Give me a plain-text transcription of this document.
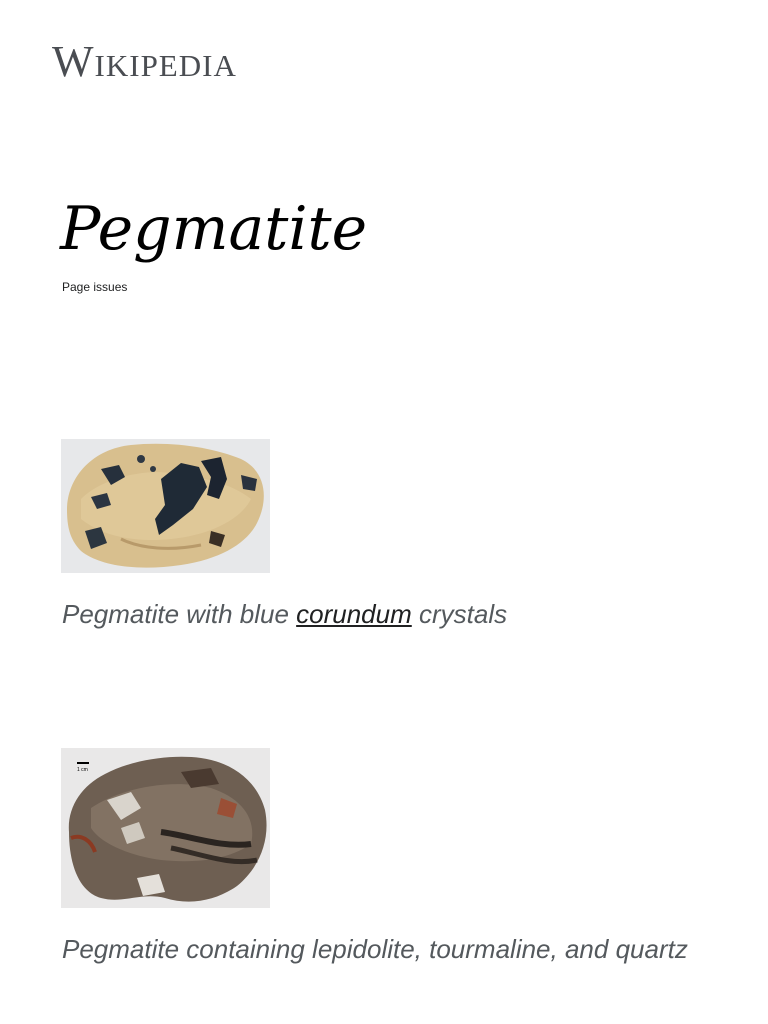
Wikipedia
Pegmatite
Page issues
Pegmatite with blue corundum crystals
1 cm
Pegmatite containing lepidolite, tourmaline, and quartz
